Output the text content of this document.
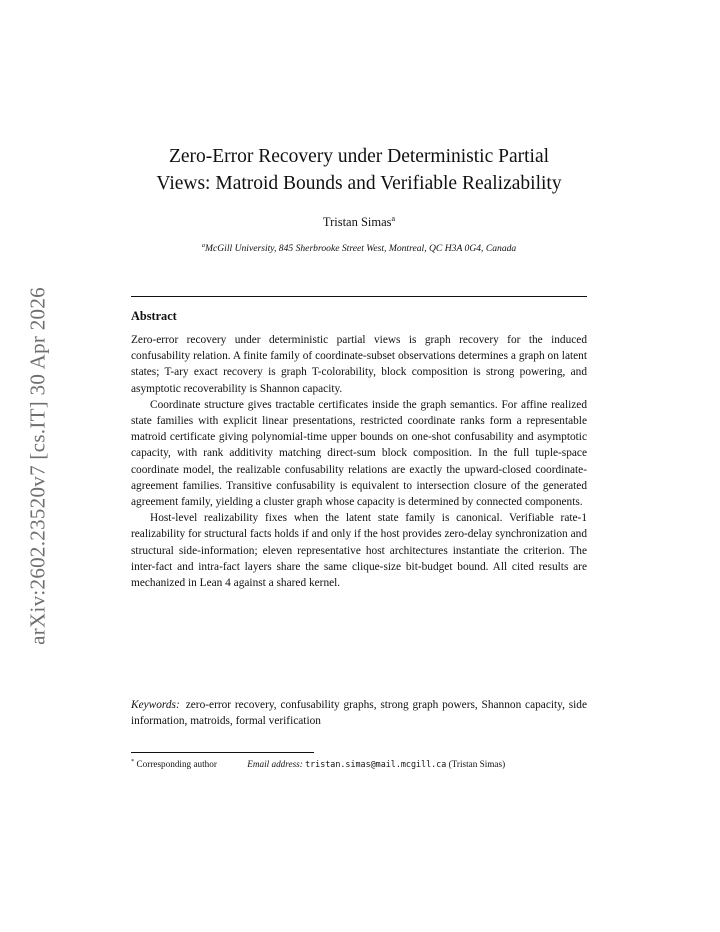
arXiv:2602.23520v7 [cs.IT] 30 Apr 2026
Zero-Error Recovery under Deterministic Partial
Views: Matroid Bounds and Verifiable Realizability
Tristan Simas$^a$
$^a$McGill University, 845 Sherbrooke Street West, Montreal, QC H3A 0G4, Canada
Abstract

Zero-error recovery under deterministic partial views is graph recovery for the induced confusability relation. A finite family of coordinate-subset observations determines a graph on latent states; T-ary exact recovery is graph T-colorability, block composition is strong powering, and asymptotic recoverability is Shannon capacity.

Coordinate structure gives tractable certificates inside the graph semantics. For affine realized state families with explicit linear presentations, restricted coordinate ranks form a representable matroid certificate giving polynomial-time upper bounds on one-shot confusability and asymptotic capacity, with rank additivity matching direct-sum block composition. In the full tuple-space coordinate model, the realizable confusability relations are exactly the upward-closed coordinate-agreement families. Transitive confusability is equivalent to intersection closure of the generated agreement family, yielding a cluster graph whose capacity is determined by connected components.

Host-level realizability fixes when the latent state family is canonical. Verifiable rate-1 realizability for structural facts holds if and only if the host provides zero-delay synchronization and structural side-information; eleven representative host architectures instantiate the criterion. The inter-fact and intra-fact layers share the same clique-size bit-budget bound. All cited results are mechanized in Lean 4 against a shared kernel.

Keywords: zero-error recovery, confusability graphs, strong graph powers, Shannon capacity, side information, matroids, formal verification
* Corresponding author	Email address: tristan.simas@mail.mcgill.ca (Tristan Simas)
